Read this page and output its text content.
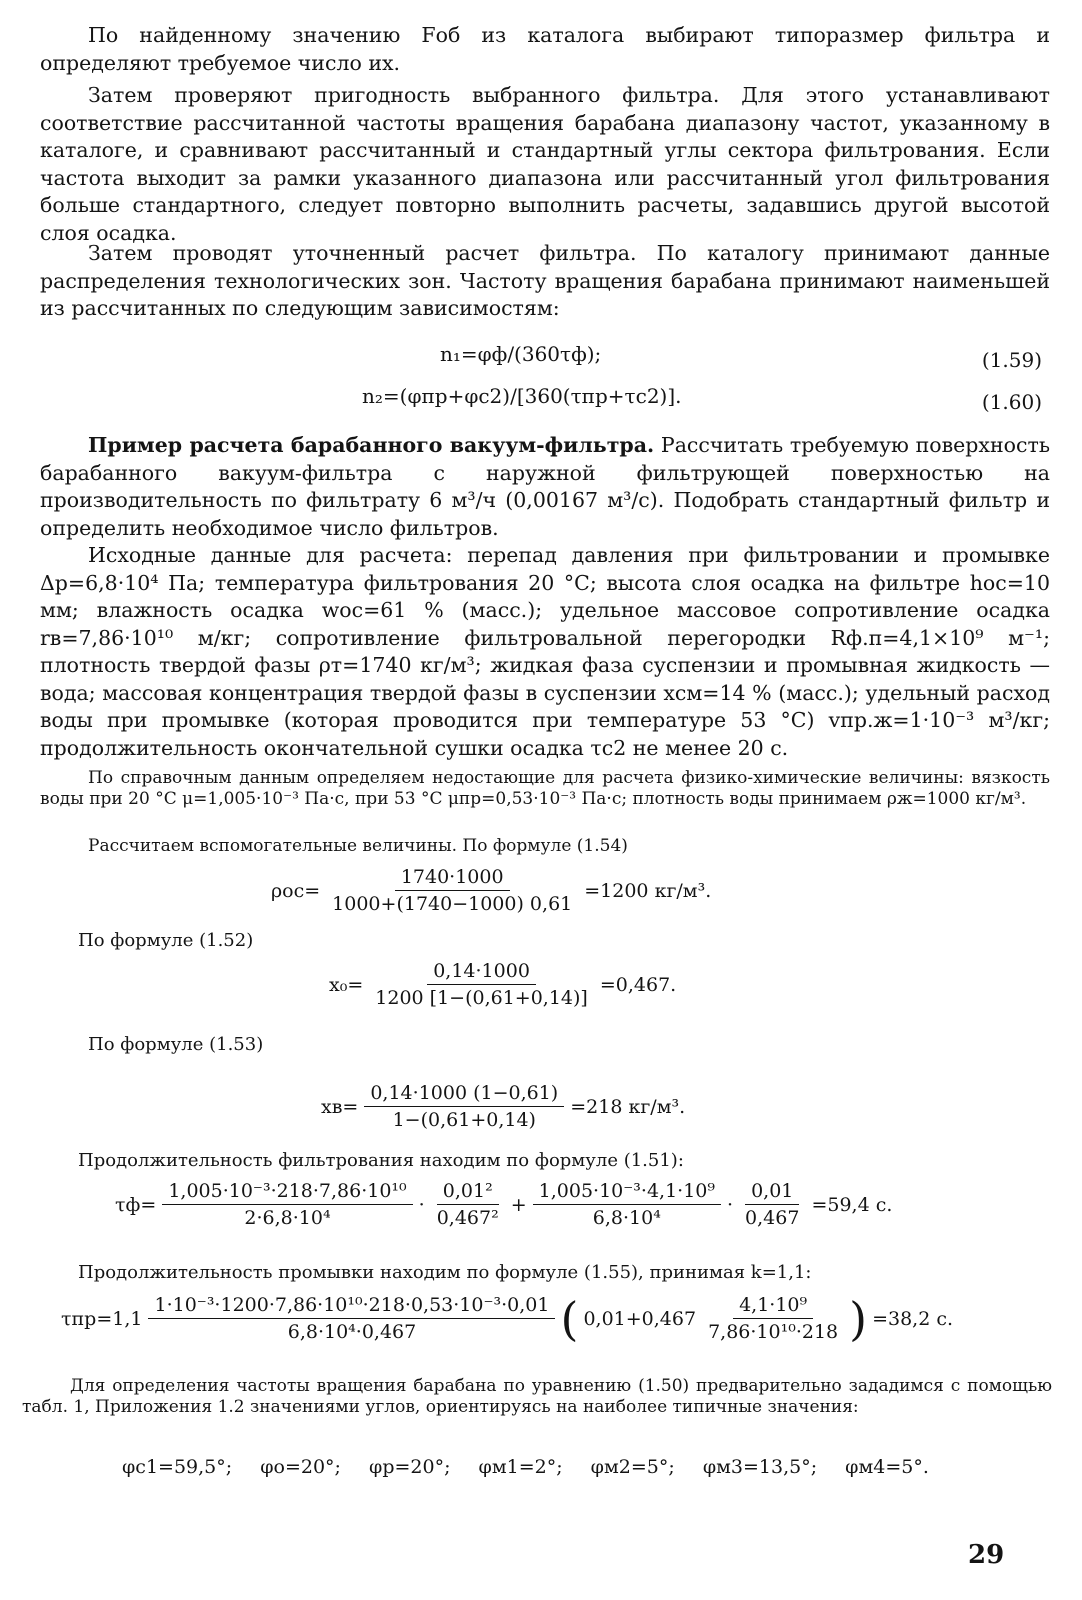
По найденному значению Fоб из каталога выбирают типоразмер фильтра и определяют требуемое число их.

Затем проверяют пригодность выбранного фильтра. Для этого устанавливают соответствие рассчитанной частоты вращения барабана диапазону частот, указанному в каталоге, и сравнивают рассчитанный и стандартный углы сектора фильтрования. Если частота выходит за рамки указанного диапазона или рассчитанный угол фильтрования больше стандартного, следует повторно выполнить расчеты, задавшись другой высотой слоя осадка.

Затем проводят уточненный расчет фильтра. По каталогу принимают данные распределения технологических зон. Частоту вращения барабана принимают наименьшей из рассчитанных по следующим зависимостям:

n₁=φф/(360τф);	(1.59)
n₂=(φпр+φс2)/[360(τпр+τс2)].	(1.60)

Пример расчета барабанного вакуум-фильтра. Рассчитать требуемую поверхность барабанного вакуум-фильтра с наружной фильтрующей поверхностью на производительность по фильтрату 6 м³/ч (0,00167 м³/с). Подобрать стандартный фильтр и определить необходимое число фильтров.

Исходные данные для расчета: перепад давления при фильтровании и промывке Δp=6,8·10⁴ Па; температура фильтрования 20 °С; высота слоя осадка на фильтре hос=10 мм; влажность осадка wос=61 % (масс.); удельное массовое сопротивление осадка rв=7,86·10¹⁰ м/кг; сопротивление фильтровальной перегородки Rф.п=4,1×10⁹ м⁻¹; плотность твердой фазы ρт=1740 кг/м³; жидкая фаза суспензии и промывная жидкость — вода; массовая концентрация твердой фазы в суспензии xсм=14 % (масс.); удельный расход воды при промывке (которая проводится при температуре 53 °С) vпр.ж=1·10⁻³ м³/кг; продолжительность окончательной сушки осадка τс2 не менее 20 с.

По справочным данным определяем недостающие для расчета физико-химические величины: вязкость воды при 20 °С μ=1,005·10⁻³ Па·с, при 53 °С μпр=0,53·10⁻³ Па·с; плотность воды принимаем ρж=1000 кг/м³.

Рассчитаем вспомогательные величины. По формуле (1.54)

$\rho ос= \frac{1740\cdot 1000}{1000+(1740-1000) 0,61} =1200$ кг/м³.
По формуле (1.52)
$x_0= \frac{0,14\cdot 1000}{1200 [1-(0,61+0,14)]} =0,467$.
По формуле (1.53)
$xв= \frac{0,14\cdot 1000 (1-0,61)}{1-(0,61+0,14)} =218$ кг/м³.
Продолжительность фильтрования находим по формуле (1.51):
$\tau ф= \frac{\text{1,005·10⁻³·218·7,86·10¹⁰}}{\text{2·6,8·10⁴}} \cdot \frac{\text{0,01²}}{\text{0,467²}} + \frac{\text{1,005·10⁻³·4,1·10⁹}}{\text{6,8·10⁴}} \cdot \frac{0,01}{0,467} =59,4$ с.
Продолжительность промывки находим по формуле (1.55), принимая k=1,1:
$\tau пр=1,1 \frac{\text{1·10⁻³·1200·7,86·10¹⁰·218·0,53·10⁻³·0,01}}{\text{6,8·10⁴·0,467}}$ ( $0,01+0,467 \frac{\text{4,1·10⁹}}{\text{7,86·10¹⁰·218}}$ ) =38,2 с.

Для определения частоты вращения барабана по уравнению (1.50) предварительно зададимся с помощью табл. 1, Приложения 1.2 значениями углов, ориентируясь на наиболее типичные значения:

φс1=59,5°; φо=20°; φр=20°; φм1=2°; φм2=5°; φм3=13,5°; φм4=5°.
29
